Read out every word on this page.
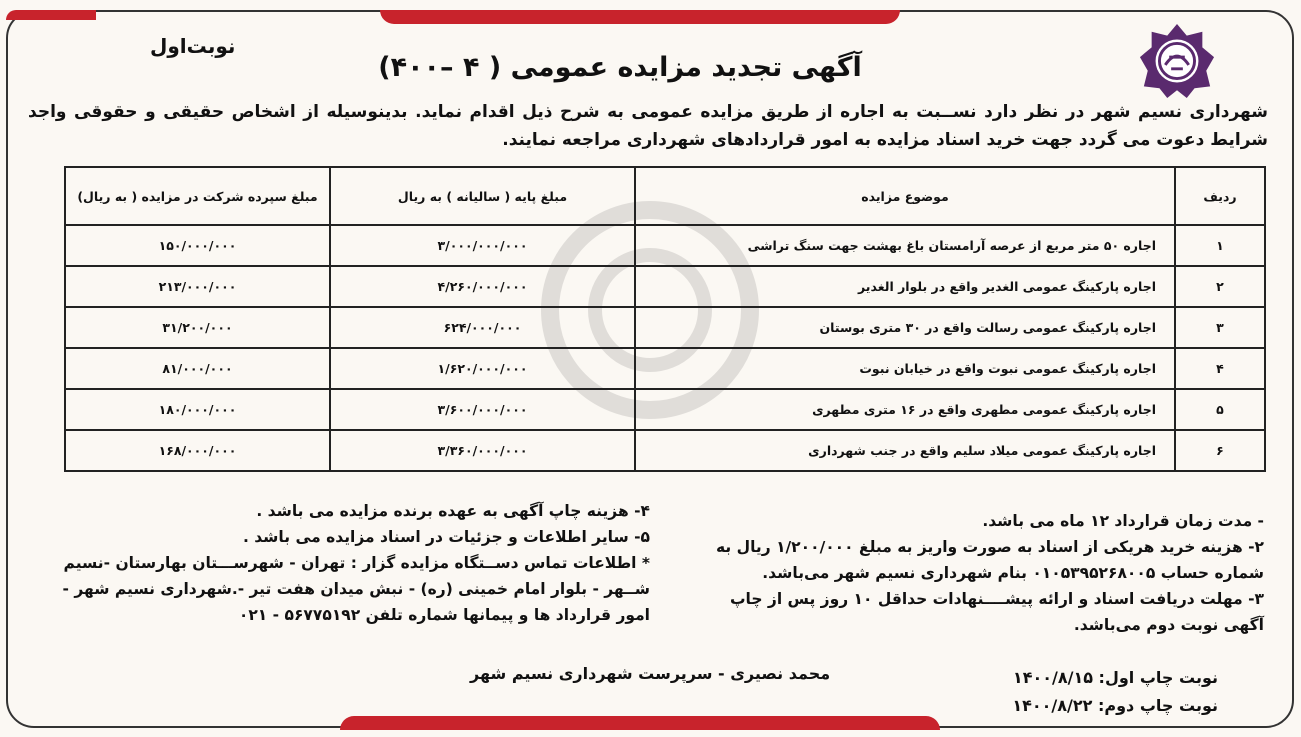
نوبت‌اول
آگهی تجدید مزایده عمومی ( ۴ –۴۰۰)
شهرداری نسیم شهر در نظر دارد نســبت به اجاره از طریق مزایده عمومی به شرح ذیل اقدام نماید. بدینوسیله از اشخاص حقیقی و حقوقی واجد شرایط دعوت می گردد جهت خرید اسناد مزایده به امور قراردادهای شهرداری مراجعه نمایند.
ردیف	موضوع مزایده	مبلغ پایه ( سالیانه ) به ریال	مبلغ سپرده شرکت در مزایده ( به ریال)
۱	اجاره ۵۰ متر مربع از عرصه آرامستان باغ بهشت جهت سنگ تراشی	۳/۰۰۰/۰۰۰/۰۰۰	۱۵۰/۰۰۰/۰۰۰
۲	اجاره پارکینگ عمومی الغدیر واقع در بلوار الغدیر	۴/۲۶۰/۰۰۰/۰۰۰	۲۱۳/۰۰۰/۰۰۰
۳	اجاره پارکینگ عمومی رسالت واقع در ۳۰ متری بوستان	۶۲۴/۰۰۰/۰۰۰	۳۱/۲۰۰/۰۰۰
۴	اجاره پارکینگ عمومی نبوت واقع در خیابان نبوت	۱/۶۲۰/۰۰۰/۰۰۰	۸۱/۰۰۰/۰۰۰
۵	اجاره پارکینگ عمومی مطهری واقع در ۱۶ متری مطهری	۳/۶۰۰/۰۰۰/۰۰۰	۱۸۰/۰۰۰/۰۰۰
۶	اجاره پارکینگ عمومی میلاد سلیم واقع در جنب شهرداری	۳/۳۶۰/۰۰۰/۰۰۰	۱۶۸/۰۰۰/۰۰۰

- مدت زمان قرارداد ۱۲ ماه می باشد.

۲- هزینه خرید هریکی از اسناد به صورت واریز به مبلغ ۱/۲۰۰/۰۰۰ ریال به شماره حساب ۰۱۰۵۳۹۵۲۶۸۰۰۵ بنام شهرداری نسیم شهر می‌باشد.

۳- مهلت دریافت اسناد و ارائه پیشــــنهادات حداقل ۱۰ روز پس از چاپ آگهی نوبت دوم می‌باشد.

۴- هزینه چاپ آگهی به عهده برنده مزایده می باشد .

۵- سایر اطلاعات و جزئیات در اسناد مزایده می باشد .

* اطلاعات تماس دســتگاه مزایده گزار : تهران - شهرســـتان بهارستان -نسیم شــهر - بلوار امام خمینی (ره) - نبش میدان هفت تیر -.شهرداری نسیم شهر - امور قرارداد ها و پیمانها شماره تلفن ۵۶۷۷۵۱۹۲ - ۰۲۱

محمد نصیری - سرپرست شهرداری نسیم شهر	نوبت چاپ اول: ۱۴۰۰/۸/۱۵
نوبت چاپ دوم: ۱۴۰۰/۸/۲۲
